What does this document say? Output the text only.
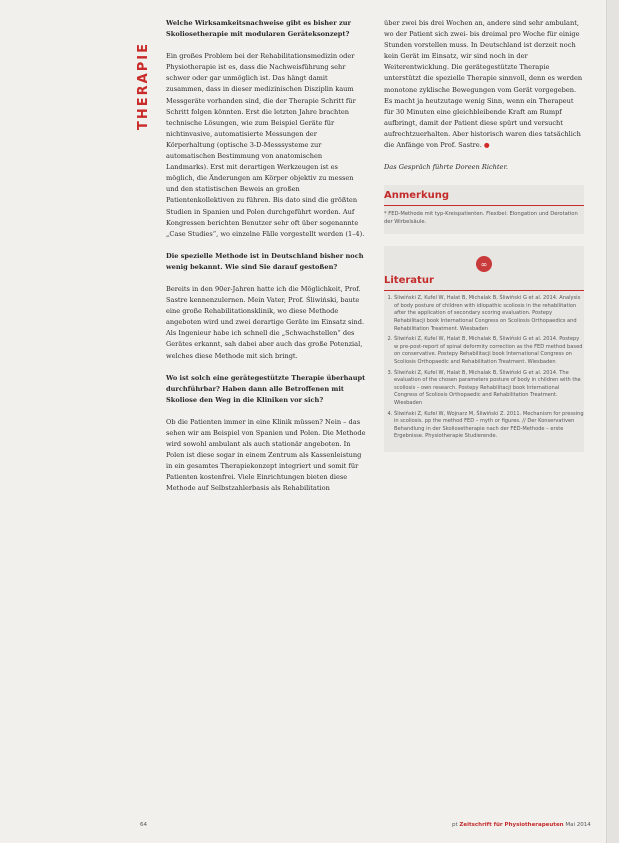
THERAPIE
Welche Wirksamkeitsnachweise gibt es bisher zur Skoliosetherapie mit modularen Geräteksonzept?
Ein großes Problem bei der Rehabilitationsmedizin oder Physiotherapie ist es, dass die Nachweisführung sehr schwer oder gar unmöglich ist. Das hängt damit zusammen, dass in dieser medizinischen Disziplin kaum Messgeräte vorhanden sind, die der Therapie Schritt für Schritt folgen könnten. Erst die letzten Jahre brachten technische Lösungen, wie zum Beispiel Geräte für nichtinvasive, automatisierte Messungen der Körperhaltung (optische 3-D-Messsysteme zur automatischen Bestimmung von anatomischen Landmarks). Erst mit derartigen Werkzeugen ist es möglich, die Änderungen am Körper objektiv zu messen und den statistischen Beweis an großen Patientenkollektiven zu führen. Bis dato sind die größten Studien in Spanien und Polen durchgeführt worden. Auf Kongressen berichten Benutzer sehr oft über sogenannte „Case Studies“, wo einzelne Fälle vorgestellt werden (1–4).
Die spezielle Methode ist in Deutschland bisher noch wenig bekannt. Wie sind Sie darauf gestoßen?
Bereits in den 90er-Jahren hatte ich die Möglichkeit, Prof. Sastre kennenzulernen. Mein Vater, Prof. Śliwiński, baute eine große Rehabilitationsklinik, wo diese Methode angeboten wird und zwei derartige Geräte im Einsatz sind. Als Ingenieur habe ich schnell die „Schwachstellen“ des Gerätes erkannt, sah dabei aber auch das große Potenzial, welches diese Methode mit sich bringt.
Wo ist solch eine gerätegestützte Therapie überhaupt durchführbar? Haben dann alle Betroffenen mit Skoliose den Weg in die Kliniken vor sich?
Ob die Patienten immer in eine Klinik müssen? Nein – das sehen wir am Beispiel von Spanien und Polen. Die Methode wird sowohl ambulant als auch stationär angeboten. In Polen ist diese sogar in einem Zentrum als Kassenleistung in ein gesamtes Therapiekonzept integriert und somit für Patienten kostenfrei. Viele Einrichtungen bieten diese Methode auf Selbstzahlerbasis als Rehabilitation
über zwei bis drei Wochen an, andere sind sehr ambulant, wo der Patient sich zwei- bis dreimal pro Woche für einige Stunden vorstellen muss. In Deutschland ist derzeit noch kein Gerät im Einsatz, wir sind noch in der Weiterentwicklung. Die gerätegestützte Therapie unterstützt die spezielle Therapie sinnvoll, denn es werden monotone zyklische Bewegungen vom Gerät vorgegeben. Es macht ja heutzutage wenig Sinn, wenn ein Therapeut für 30 Minuten eine gleichbleibende Kraft am Rumpf aufbringt, damit der Patient diese spürt und versucht aufrechtzuerhalten. Aber historisch waren dies tatsächlich die Anfänge von Prof. Sastre. ●
Das Gespräch führte Doreen Richter.
Anmerkung
* FED-Methode mit typ-Kreispatienten. Flexibel: Elongation und Derotation der Wirbelsäule.
∞
Literatur
1. Śliwiński Z, Kufel W, Halat B, Michalak B, Śliwiński G et al. 2014. Analysis of body posture of children with idiopathic scoliosis in the rehabilitation after the application of secondary scoring evaluation. Postepy Rehabilitacji book International Congress on Scoliosis Orthopaedics and Rehabilitation Treatment. Wiesbaden
2. Śliwiński Z, Kufel W, Halat B, Michalak B, Śliwiński G et al. 2014. Postepy w pre-post-report of spinal deformity correction as the FED method based on conservative. Postepy Rehabilitacji book International Congress on Scoliosis Orthopaedic and Rehabilitation Treatment. Wiesbaden
3. Śliwiński Z, Kufel W, Halat B, Michalak B, Śliwiński G et al. 2014. The evaluation of the chosen parameters posture of body in children with the scoliosis – own research. Postepy Rehabilitacji book International Congress of Scoliosis Orthopaedic and Rehabilitation Treatment. Wiesbaden
4. Śliwiński Z, Kufel W, Wojnarz M, Śliwiński Z. 2011. Mechanism for pressing in scoliosis. pp the method FED – myth or figures. // Der Konservativen Behandlung in der Skoliosetherapie nach der FED-Methode – erste Ergebnisse. Physiotherapie Studierende.
64	pt Zeitschrift für Physiotherapeuten Mai 2014
